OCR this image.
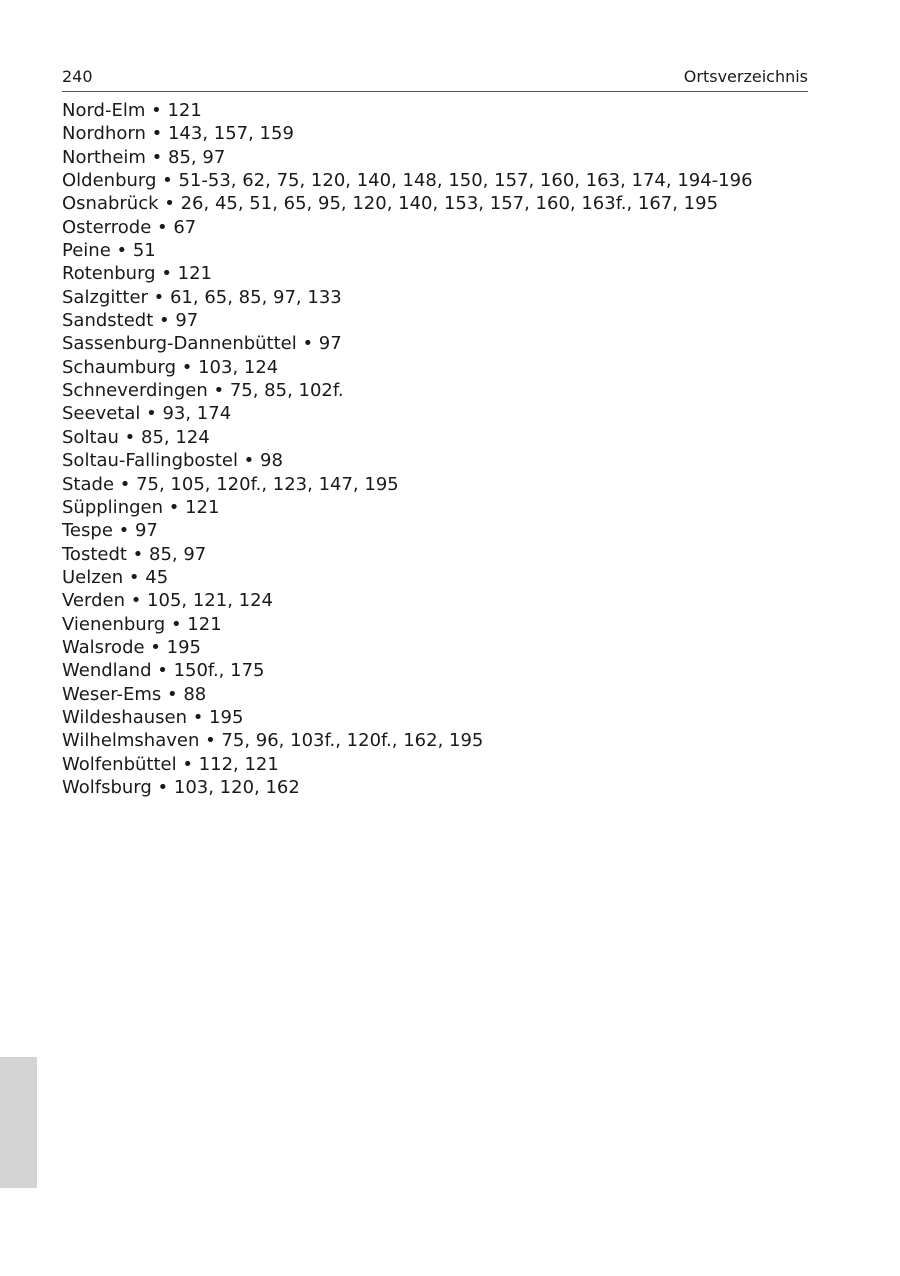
240	Ortsverzeichnis
Nord-Elm • 121
Nordhorn • 143, 157, 159
Northeim • 85, 97
Oldenburg • 51-53, 62, 75, 120, 140, 148, 150, 157, 160, 163, 174, 194-196
Osnabrück • 26, 45, 51, 65, 95, 120, 140, 153, 157, 160, 163f., 167, 195
Osterrode • 67
Peine • 51
Rotenburg • 121
Salzgitter • 61, 65, 85, 97, 133
Sandstedt • 97
Sassenburg-Dannenbüttel • 97
Schaumburg • 103, 124
Schneverdingen • 75, 85, 102f.
Seevetal • 93, 174
Soltau • 85, 124
Soltau-Fallingbostel • 98
Stade • 75, 105, 120f., 123, 147, 195
Süpplingen • 121
Tespe • 97
Tostedt • 85, 97
Uelzen • 45
Verden • 105, 121, 124
Vienenburg • 121
Walsrode • 195
Wendland • 150f., 175
Weser-Ems • 88
Wildeshausen • 195
Wilhelmshaven • 75, 96, 103f., 120f., 162, 195
Wolfenbüttel • 112, 121
Wolfsburg • 103, 120, 162
